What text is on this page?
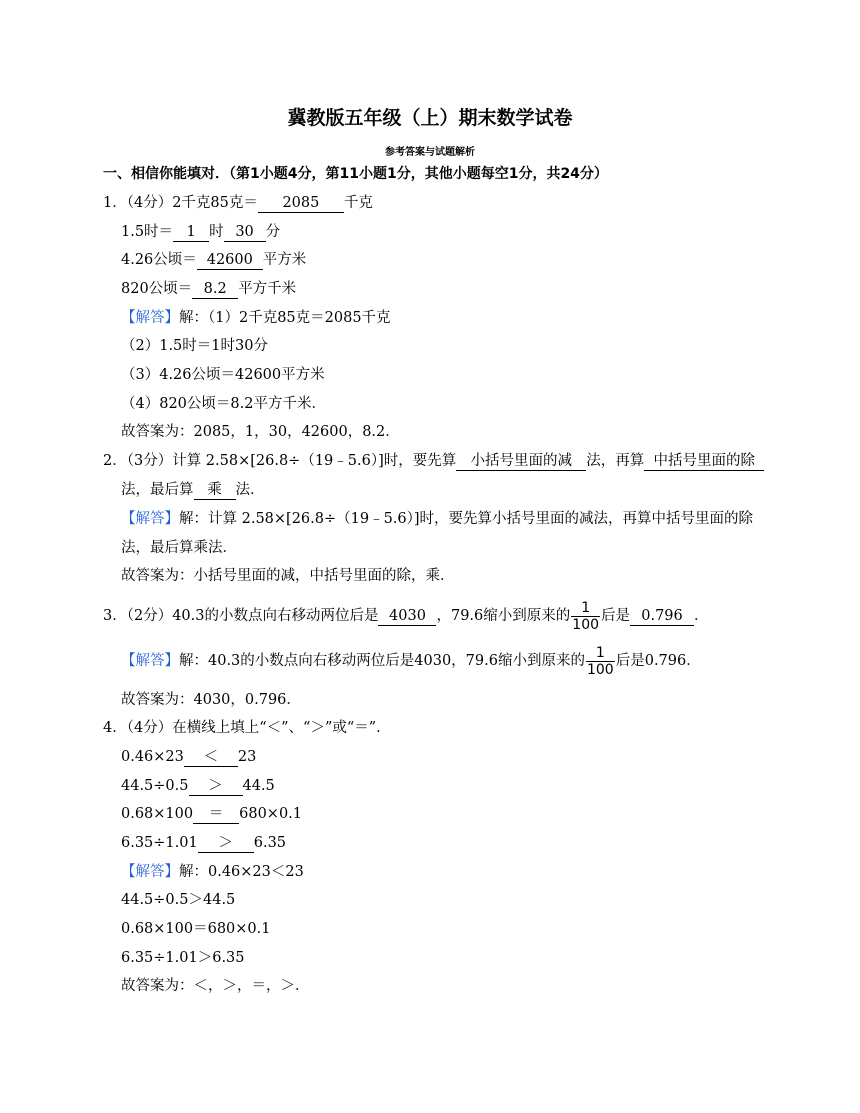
冀教版五年级（上）期末数学试卷
参考答案与试题解析
一、相信你能填对．（第1小题4分，第11小题1分，其他小题每空1分，共24分）
1．（4分）2千克85克＝ 2085 千克
1.5时＝ 1 时 30 分
4.26公顷＝ 42600 平方米
820公顷＝ 8.2 平方千米
【解答】解：（1）2千克85克＝2085千克
（2）1.5时＝1时30分
（3）4.26公顷＝42600平方米
（4）820公顷＝8.2平方千米．
故答案为：2085，1，30，42600，8.2．
2．（3分）计算 2.58×[26.8÷（19﹣5.6）]时，要先算 小括号里面的减 法，再算 中括号里面的除
法，最后算 乘 法．
【解答】解：计算 2.58×[26.8÷（19﹣5.6）]时，要先算小括号里面的减法，再算中括号里面的除
法，最后算乘法．
故答案为：小括号里面的减，中括号里面的除，乘．
3．（2分）40.3的小数点向右移动两位后是 4030 ，79.6缩小到原来的 $\frac{1}{100}$ 后是 0.796 ．
【解答】解：40.3的小数点向右移动两位后是4030，79.6缩小到原来的 $\frac{1}{100}$ 后是0.796．
故答案为：4030，0.796．
4．（4分）在横线上填上“＜”、“＞”或“＝”．
0.46×23 ＜ 23
44.5÷0.5 ＞ 44.5
0.68×100 ＝ 680×0.1
6.35÷1.01 ＞ 6.35
【解答】解：0.46×23＜23
44.5÷0.5＞44.5
0.68×100＝680×0.1
6.35÷1.01＞6.35
故答案为：＜，＞，＝，＞．
